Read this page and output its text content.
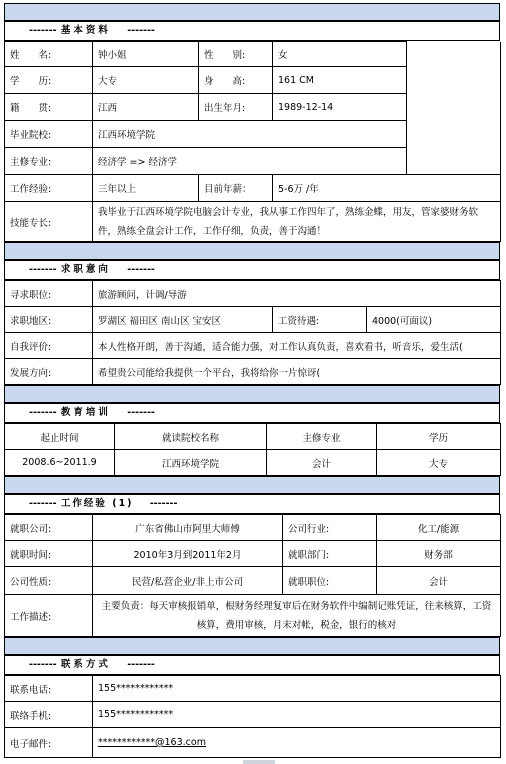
------- 基本资料 -------
姓　　名:	钟小姐	性　　别:	女	
学　　历:	大专	身　　高:	161 CM	
籍　　贯:	江西	出生年月:	1989-12-14	
毕业院校:	江西环境学院			
主修专业:	经济学 => 经济学			
工作经验:	三年以上	目前年薪：	5-6万 /年	
技能专长:	我毕业于江西环境学院电脑会计专业，我从事工作四年了，熟练金蝶，用友，管家婆财务软件，熟练全盘会计工作，工作仔细，负责，善于沟通！			
------- 求职意向 -------
寻求职位:	旅游顾问，计调/导游		
求职地区:	罗湖区 福田区 南山区 宝安区	工资待遇:	4000(可面议)
自我评价:	本人性格开朗，善于沟通，适合能力强，对工作认真负责，喜欢看书，听音乐，爱生活(		
发展方向:	希望贵公司能给我提供一个平台，我将给你一片惊讶(		
------- 教育培训 -------
起止时间	就读院校名称	主修专业	学历
2008.6~2011.9	江西环境学院	会计	大专
------- 工作经验 (1) -------
就职公司:	广东省佛山市阿里大师傅	公司行业:	化工/能源
就职时间:	2010年3月到2011年2月	就职部门:	财务部
公司性质:	民营/私营企业/非上市公司	就职职位:	会计
工作描述:	主要负责：每天审核报销单，根财务经理复审后在财务软件中编制记账凭证，往来核算，工资核算，费用审核，月末对帐，税金，银行的核对		
------- 联系方式 -------
联系电话:	155************
联络手机:	155************
电子邮件:	************@163.com
